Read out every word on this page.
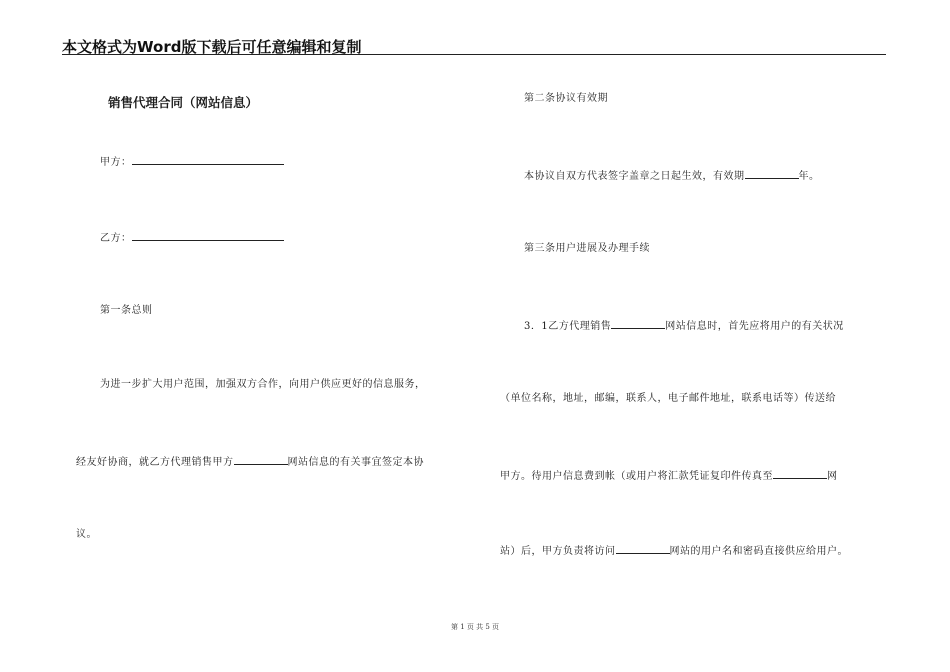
本文格式为Word版下载后可任意编辑和复制
销售代理合同（网站信息）
甲方：
乙方：
第一条总则
为进一步扩大用户范围，加强双方合作，向用户供应更好的信息服务，
经友好协商，就乙方代理销售甲方	网站信息的有关事宜签定本协
议。
第二条协议有效期
本协议自双方代表签字盖章之日起生效，有效期	年。
第三条用户进展及办理手续
3．1乙方代理销售	网站信息时，首先应将用户的有关状况
（单位名称，地址，邮编，联系人，电子邮件地址，联系电话等）传送给
甲方。待用户信息费到帐（或用户将汇款凭证复印件传真至	网
站）后，甲方负责将访问	网站的用户名和密码直接供应给用户。
第 1 页 共 5 页
